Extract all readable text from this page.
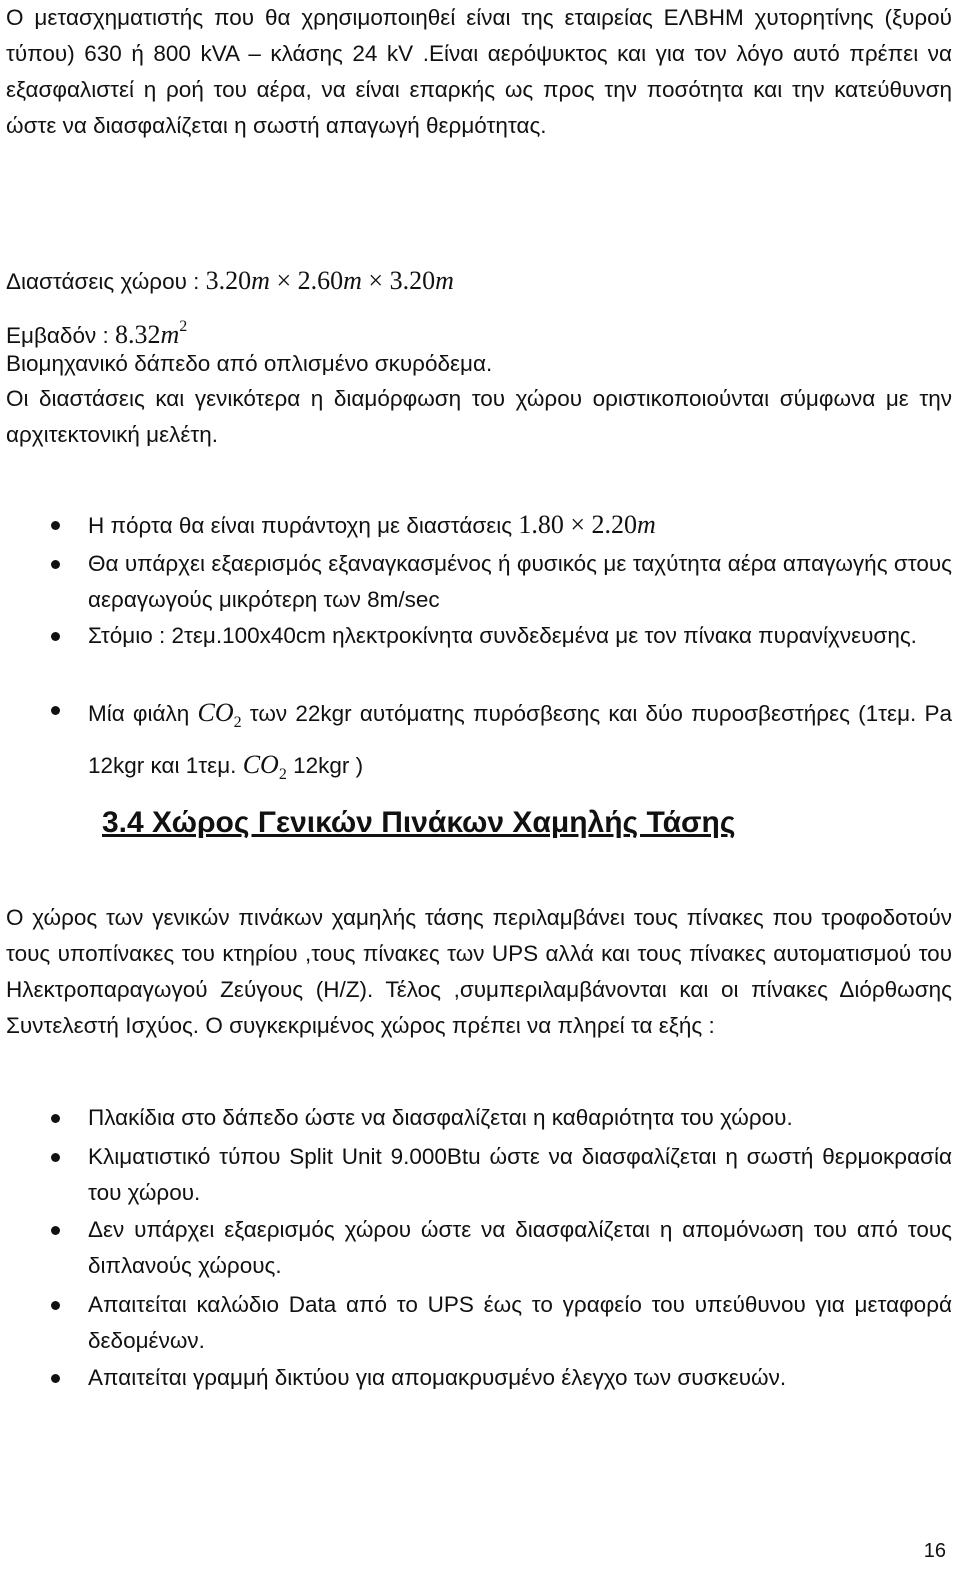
Ο μετασχηματιστής που θα χρησιμοποιηθεί είναι της εταιρείας ΕΛΒΗΜ χυτορητίνης (ξυρού τύπου) 630 ή 800 kVA – κλάσης 24 kV .Είναι αερόψυκτος και για τον λόγο αυτό πρέπει να εξασφαλιστεί η ροή του αέρα, να είναι επαρκής ως προς την ποσότητα και την κατεύθυνση ώστε να διασφαλίζεται η σωστή απαγωγή θερμότητας.
Διαστάσεις χώρου : 3.20m × 2.60m × 3.20m
Εμβαδόν : $8.32m^2$
Βιομηχανικό δάπεδο από οπλισμένο σκυρόδεμα.
Οι διαστάσεις και γενικότερα η διαμόρφωση του χώρου οριστικοποιούνται σύμφωνα με την αρχιτεκτονική μελέτη.
Η πόρτα θα είναι πυράντοχη με διαστάσεις 1.80 × 2.20m
Θα υπάρχει εξαερισμός εξαναγκασμένος ή φυσικός με ταχύτητα αέρα απαγωγής στους αεραγωγούς μικρότερη των 8m/sec
Στόμιο : 2τεμ.100x40cm ηλεκτροκίνητα συνδεδεμένα με τον πίνακα πυρανίχνευσης.
Μία φιάλη $CO_2$ των 22kgr αυτόματης πυρόσβεσης και δύο πυροσβεστήρες (1τεμ. Pa 12kgr και 1τεμ. $CO_2$ 12kgr )
3.4 Χώρος Γενικών Πινάκων Χαμηλής Τάσης
Ο χώρος των γενικών πινάκων χαμηλής τάσης περιλαμβάνει τους πίνακες που τροφοδοτούν τους υποπίνακες του κτηρίου ,τους πίνακες των UPS αλλά και τους πίνακες αυτοματισμού του Ηλεκτροπαραγωγού Ζεύγους (Η/Ζ). Τέλος ,συμπεριλαμβάνονται και οι πίνακες Διόρθωσης Συντελεστή Ισχύος. Ο συγκεκριμένος χώρος πρέπει να πληρεί τα εξής :
Πλακίδια στο δάπεδο ώστε να διασφαλίζεται η καθαριότητα του χώρου.
Κλιματιστικό τύπου Split Unit 9.000Btu ώστε να διασφαλίζεται η σωστή θερμοκρασία του χώρου.
Δεν υπάρχει εξαερισμός χώρου ώστε να διασφαλίζεται η απομόνωση του από τους διπλανούς χώρους.
Απαιτείται καλώδιο Data από το UPS έως το γραφείο του υπεύθυνου για μεταφορά δεδομένων.
Απαιτείται γραμμή δικτύου για απομακρυσμένο έλεγχο των συσκευών.
16
